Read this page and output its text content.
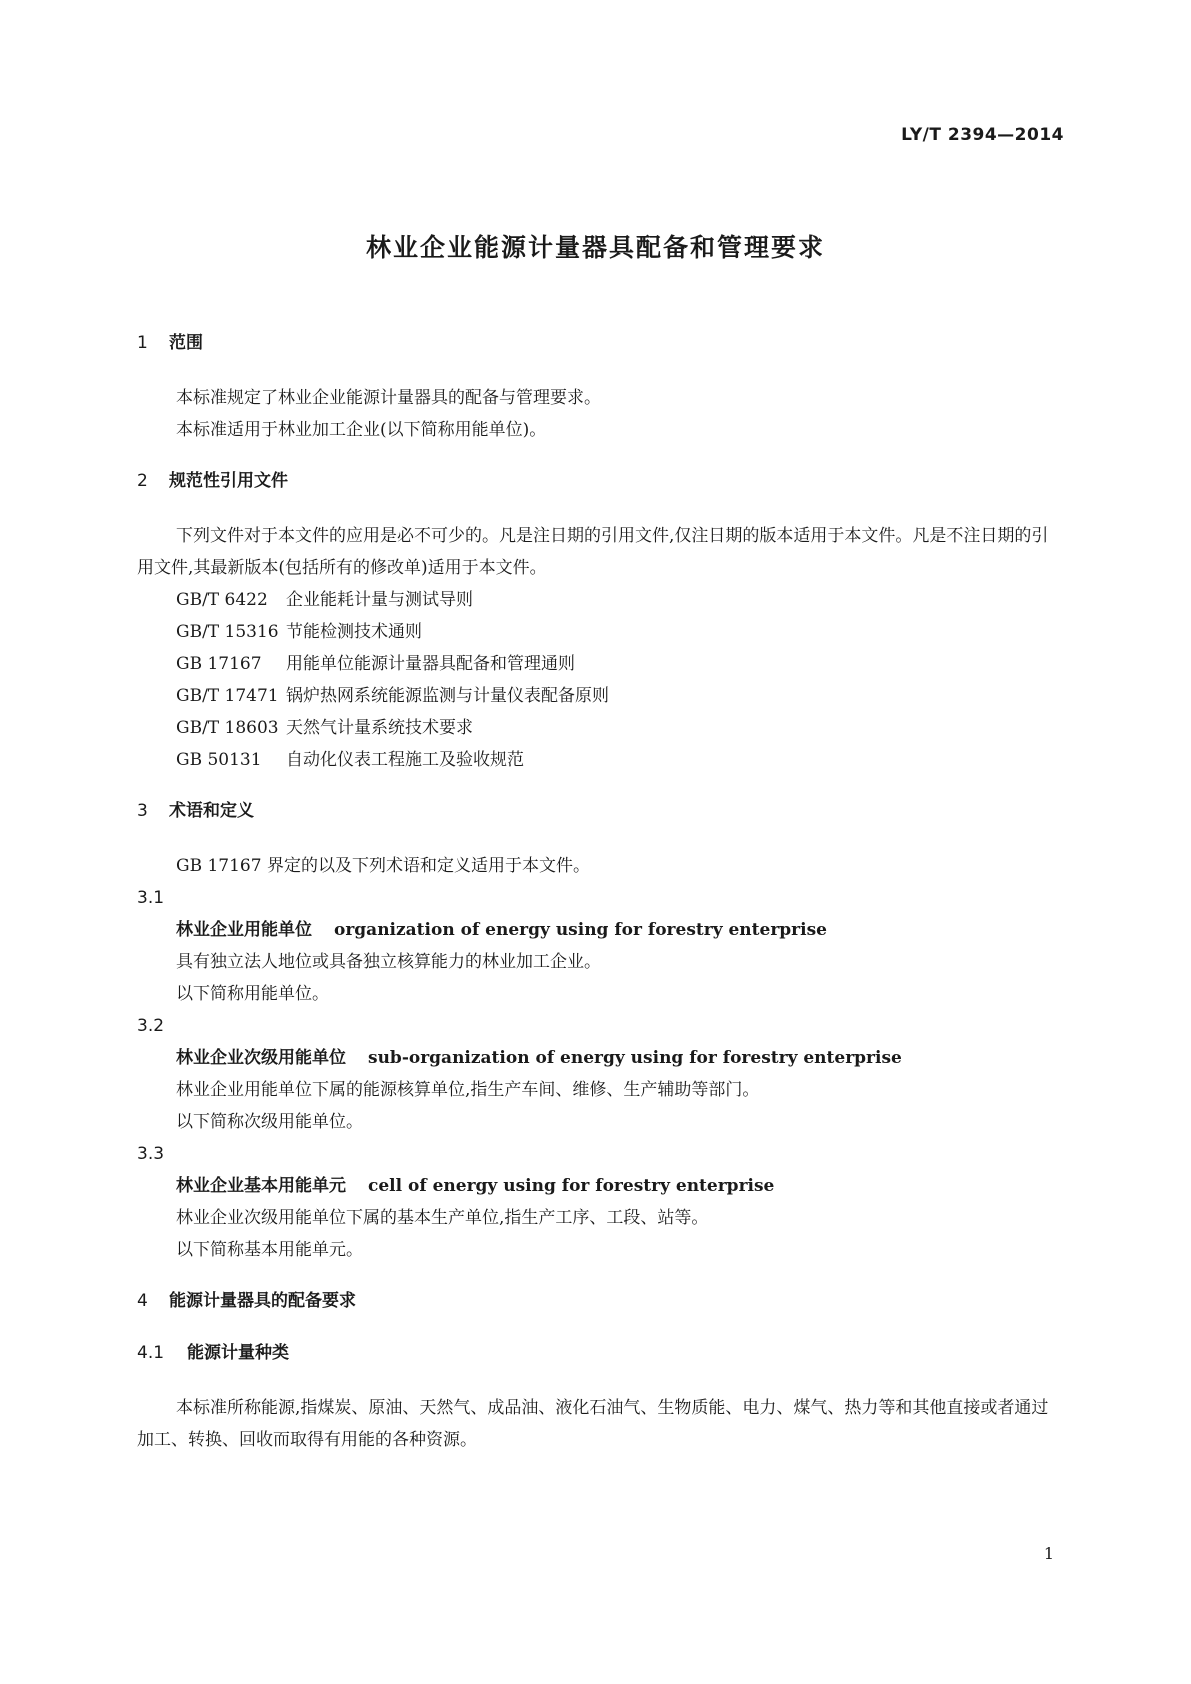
LY/T 2394—2014
林业企业能源计量器具配备和管理要求
1 范围

本标准规定了林业企业能源计量器具的配备与管理要求。

本标准适用于林业加工企业(以下简称用能单位)。

2 规范性引用文件

下列文件对于本文件的应用是必不可少的。凡是注日期的引用文件,仅注日期的版本适用于本文件。凡是不注日期的引用文件,其最新版本(包括所有的修改单)适用于本文件。

GB/T 6422 企业能耗计量与测试导则

GB/T 15316 节能检测技术通则

GB 17167 用能单位能源计量器具配备和管理通则

GB/T 17471 锅炉热网系统能源监测与计量仪表配备原则

GB/T 18603 天然气计量系统技术要求

GB 50131 自动化仪表工程施工及验收规范

3 术语和定义

GB 17167 界定的以及下列术语和定义适用于本文件。

3.1

林业企业用能单位 organization of energy using for forestry enterprise

具有独立法人地位或具备独立核算能力的林业加工企业。

以下简称用能单位。

3.2

林业企业次级用能单位 sub-organization of energy using for forestry enterprise

林业企业用能单位下属的能源核算单位,指生产车间、维修、生产辅助等部门。

以下简称次级用能单位。

3.3

林业企业基本用能单元 cell of energy using for forestry enterprise

林业企业次级用能单位下属的基本生产单位,指生产工序、工段、站等。

以下简称基本用能单元。

4 能源计量器具的配备要求
4.1 能源计量种类

本标准所称能源,指煤炭、原油、天然气、成品油、液化石油气、生物质能、电力、煤气、热力等和其他直接或者通过加工、转换、回收而取得有用能的各种资源。

1
